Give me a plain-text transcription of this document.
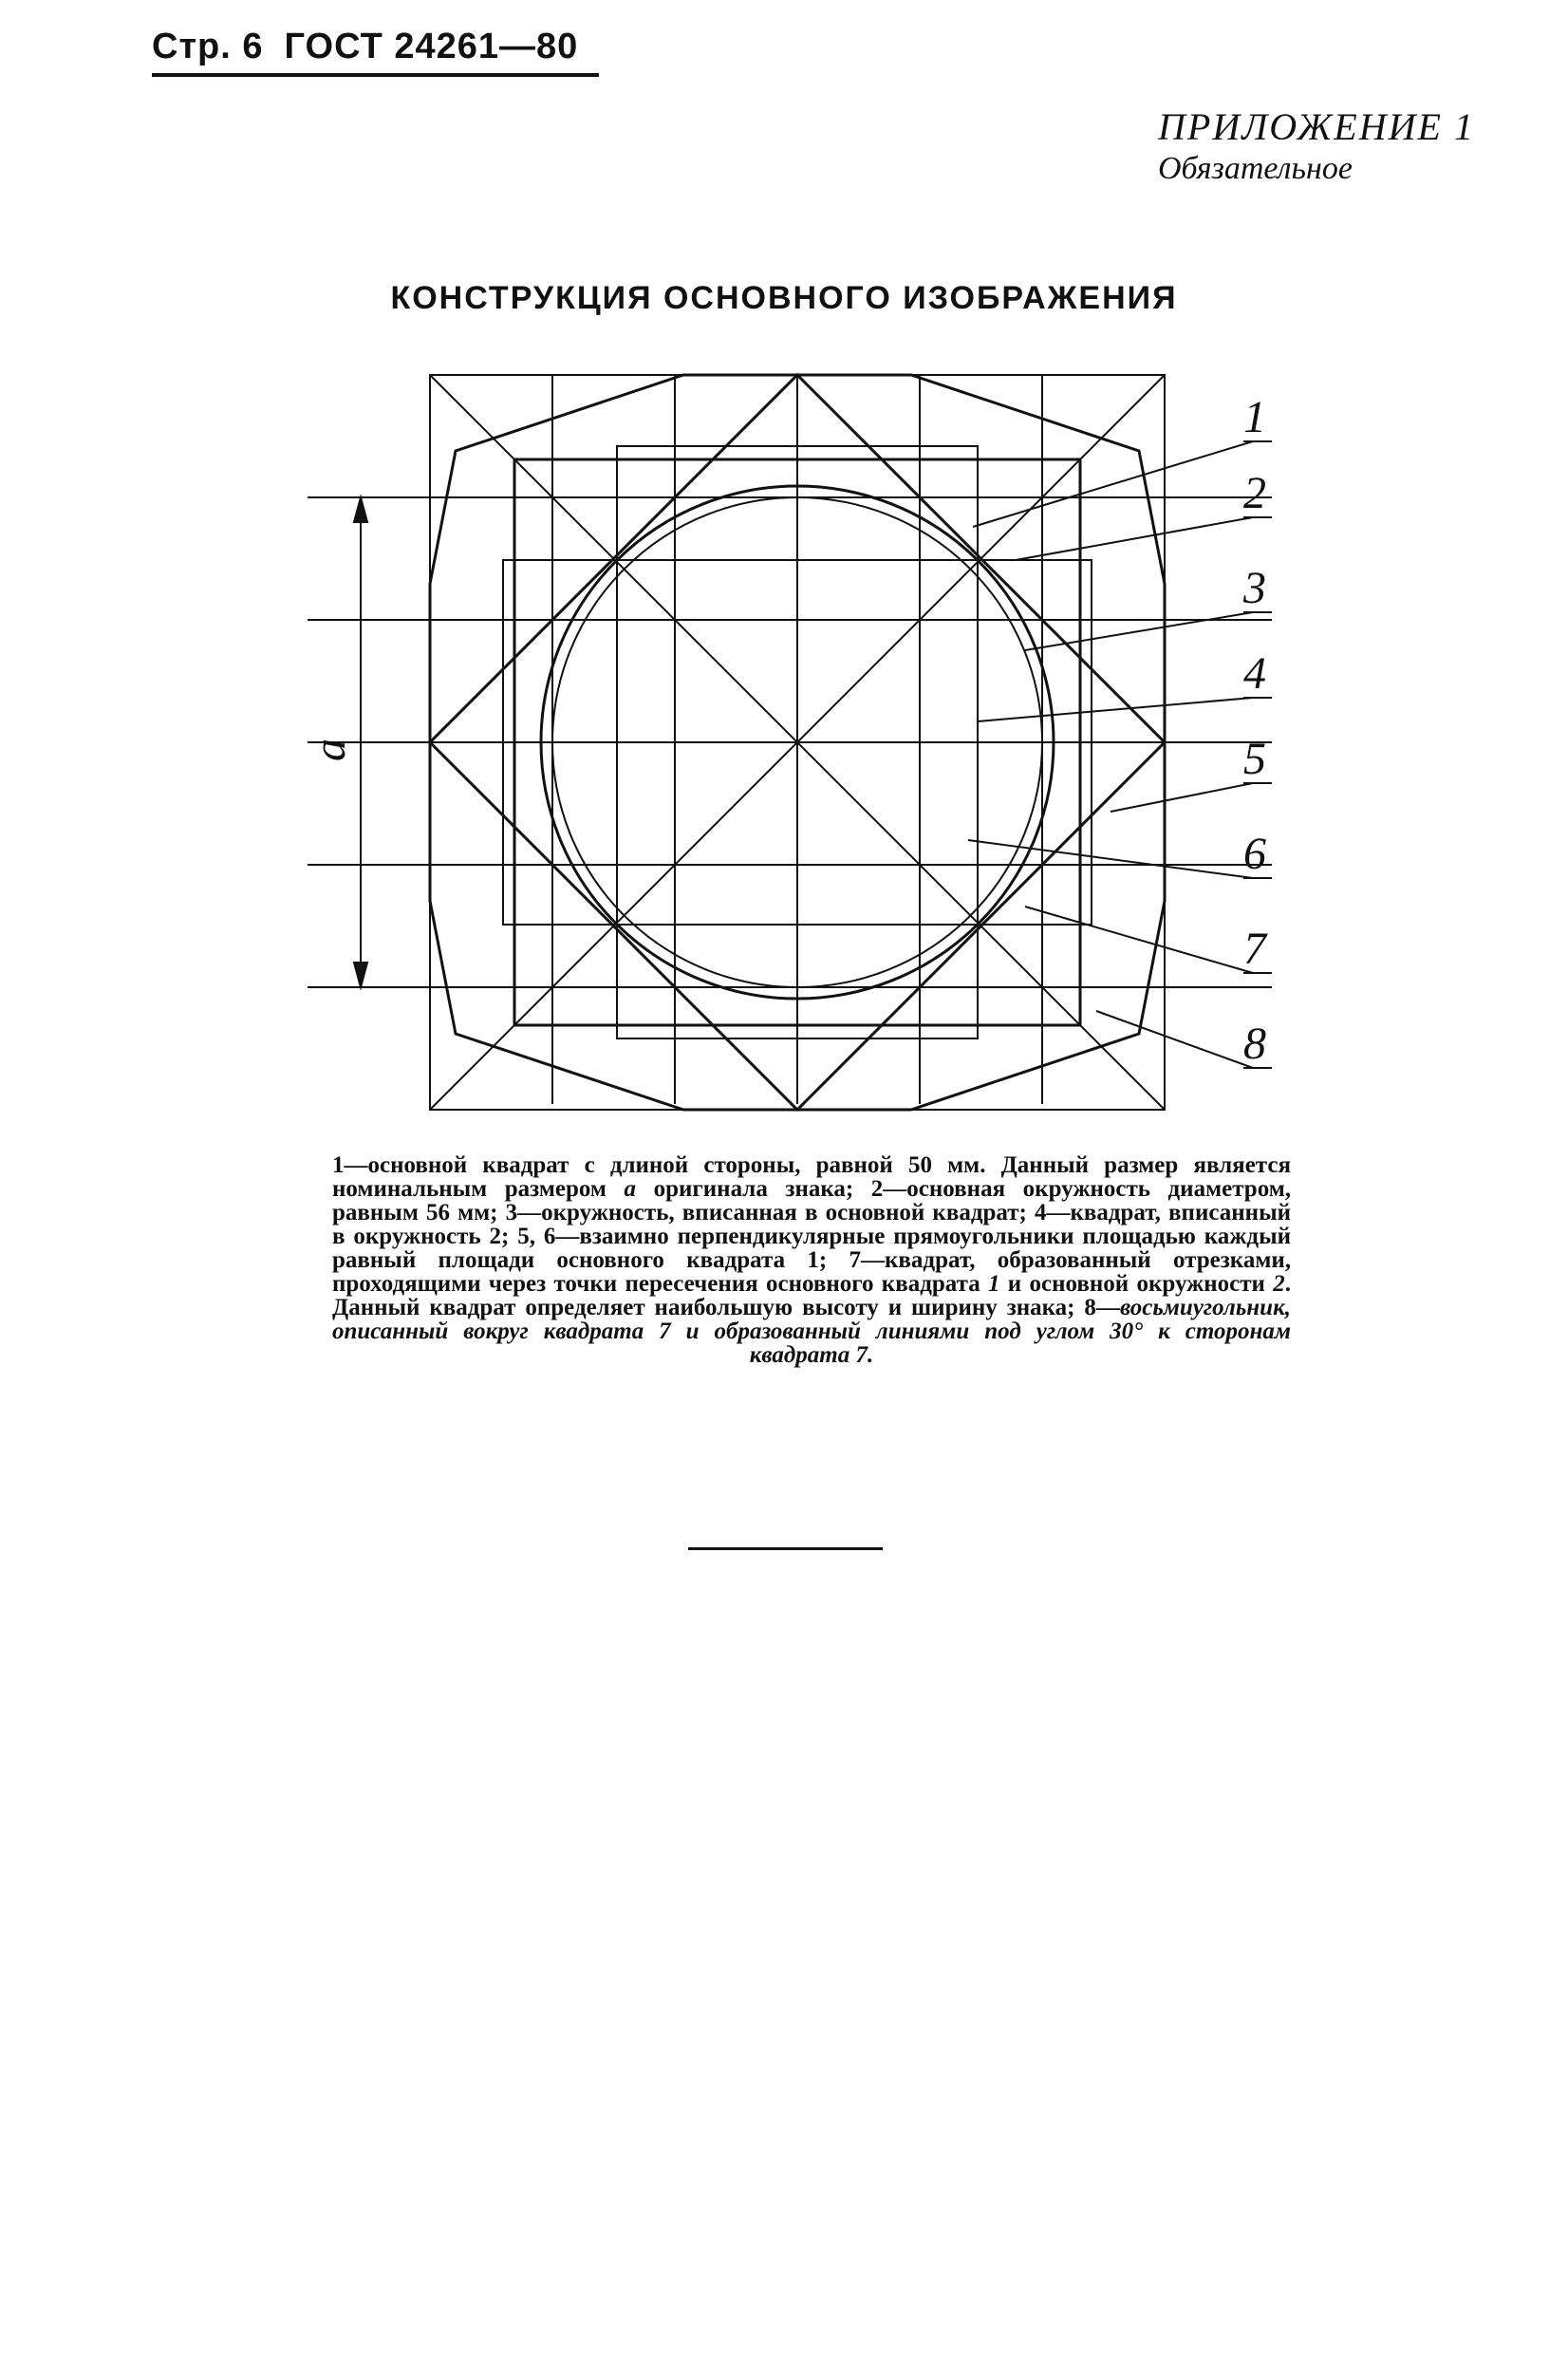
Стр. 6 ГОСТ 24261—80
ПРИЛОЖЕНИЕ 1
Обязательное
КОНСТРУКЦИЯ ОСНОВНОГО ИЗОБРАЖЕНИЯ
a
1
2
3
4
5
6
7
8
1—основной квадрат с длиной стороны, равной 50 мм. Данный размер является номинальным размером a оригинала знака; 2—основная окружность диаметром, равным 56 мм; 3—окружность, вписанная в основной квадрат; 4—квадрат, вписанный в окружность 2; 5, 6—взаимно перпендикулярные прямоугольники площадью каждый равный площади основного квадрата 1; 7—квадрат, образованный отрезками, проходящими через точки пересечения основного квадрата 1 и основной окружности 2. Данный квадрат определяет наибольшую высоту и ширину знака; 8—восьмиугольник, описанный вокруг квадрата 7 и образованный линиями под углом 30° к сторонам квадрата 7.
